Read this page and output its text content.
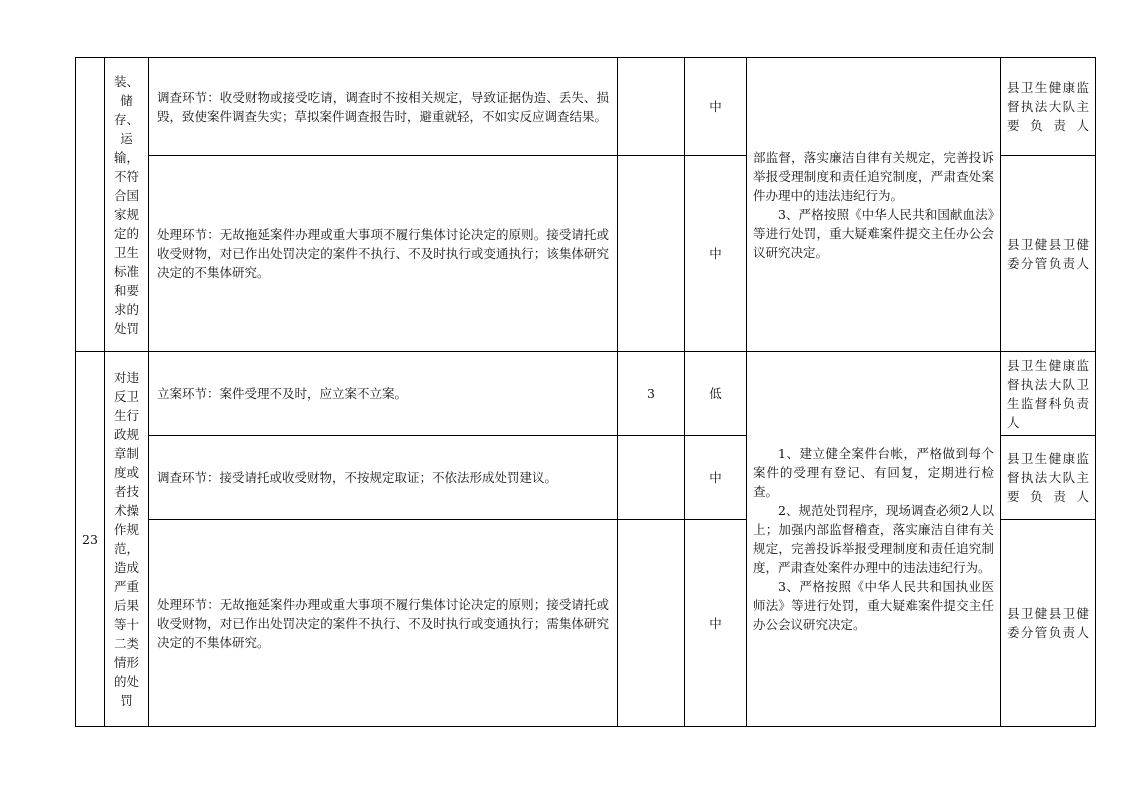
	装、储存、运输，不符合国家规定的卫生标准和要求的处罚	调查环节：收受财物或接受吃请，调查时不按相关规定，导致证据伪造、丢失、损毁，致使案件调查失实；草拟案件调查报告时，避重就轻，不如实反应调查结果。		中	部监督，落实廉洁自律有关规定，完善投诉举报受理制度和责任追究制度，严肃查处案件办理中的违法违纪行为。

3、严格按照《中华人民共和国献血法》等进行处罚，重大疑难案件提交主任办公会议研究决定。	县卫生健康监督执法大队主要负责人

		处理环节：无故拖延案件办理或重大事项不履行集体讨论决定的原则。接受请托或收受财物，对已作出处罚决定的案件不执行、不及时执行或变通执行；该集体研究决定的不集体研究。		中		县卫健县卫健委分管负责人

23	对违反卫生行政规章制度或者技术操作规范，造成严重后果等十二类情形的处罚	立案环节：案件受理不及时，应立案不立案。	3	低	1、建立健全案件台帐，严格做到每个案件的受理有登记、有回复，定期进行检查。

2、规范处罚程序，现场调查必须2人以上；加强内部监督稽查，落实廉洁自律有关规定，完善投诉举报受理制度和责任追究制度，严肃查处案件办理中的违法违纪行为。

3、严格按照《中华人民共和国执业医师法》等进行处罚，重大疑难案件提交主任办公会议研究决定。	县卫生健康监督执法大队卫生监督科负责人

		调查环节：接受请托或收受财物，不按规定取证；不依法形成处罚建议。		中		县卫生健康监督执法大队主要负责人

		处理环节：无故拖延案件办理或重大事项不履行集体讨论决定的原则；接受请托或收受财物，对已作出处罚决定的案件不执行、不及时执行或变通执行；需集体研究决定的不集体研究。		中		县卫健县卫健委分管负责人
